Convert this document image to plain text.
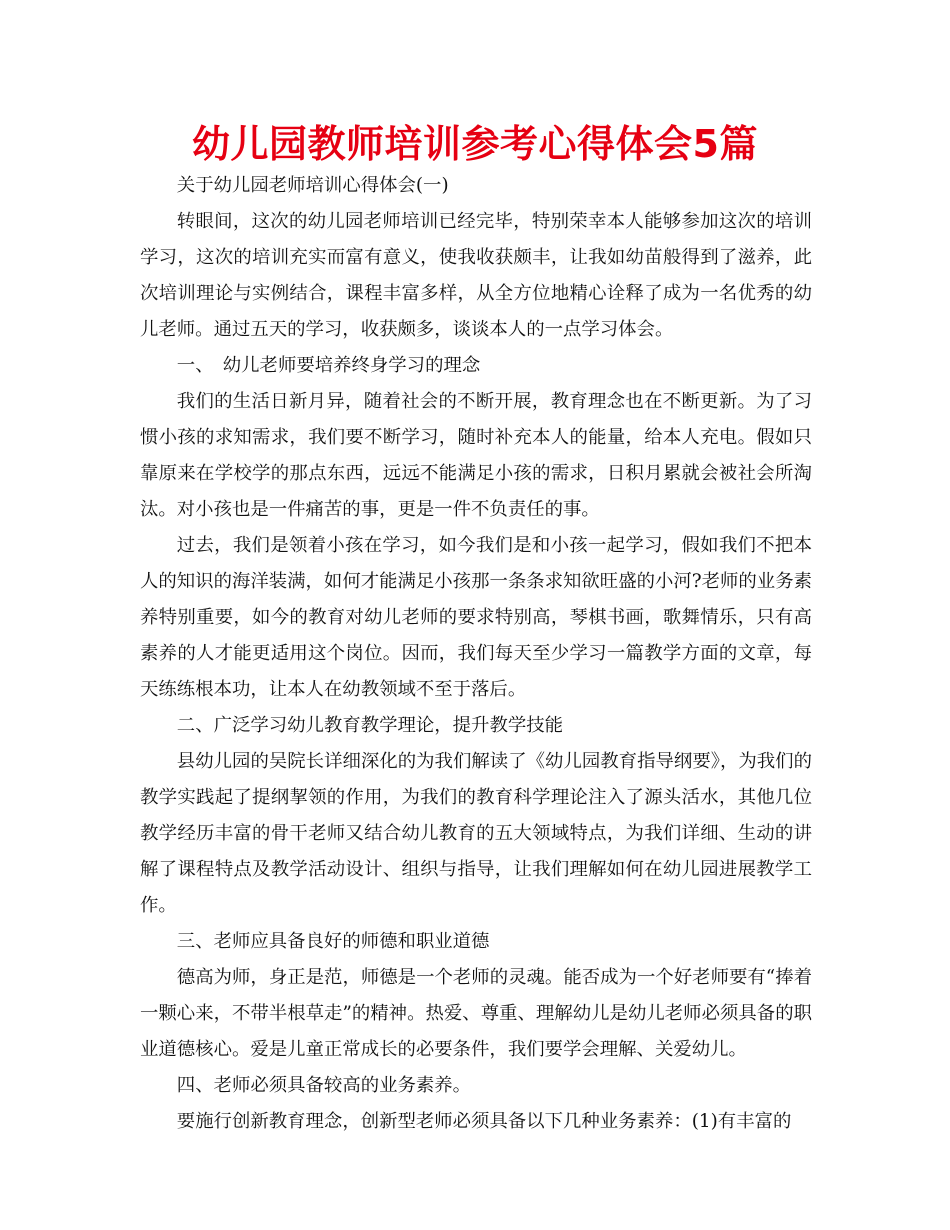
幼儿园教师培训参考心得体会5篇

关于幼儿园老师培训心得体会(一)

转眼间，这次的幼儿园老师培训已经完毕，特别荣幸本人能够参加这次的培训学习，这次的培训充实而富有意义，使我收获颇丰，让我如幼苗般得到了滋养，此次培训理论与实例结合，课程丰富多样，从全方位地精心诠释了成为一名优秀的幼儿老师。通过五天的学习，收获颇多，谈谈本人的一点学习体会。

一、　幼儿老师要培养终身学习的理念

我们的生活日新月异，随着社会的不断开展，教育理念也在不断更新。为了习惯小孩的求知需求，我们要不断学习，随时补充本人的能量，给本人充电。假如只靠原来在学校学的那点东西，远远不能满足小孩的需求，日积月累就会被社会所淘汰。对小孩也是一件痛苦的事，更是一件不负责任的事。

过去，我们是领着小孩在学习，如今我们是和小孩一起学习，假如我们不把本人的知识的海洋装满，如何才能满足小孩那一条条求知欲旺盛的小河?老师的业务素养特别重要，如今的教育对幼儿老师的要求特别高，琴棋书画，歌舞情乐，只有高素养的人才能更适用这个岗位。因而，我们每天至少学习一篇教学方面的文章，每天练练根本功，让本人在幼教领域不至于落后。

二、广泛学习幼儿教育教学理论，提升教学技能

县幼儿园的吴院长详细深化的为我们解读了《幼儿园教育指导纲要》，为我们的教学实践起了提纲挈领的作用，为我们的教育科学理论注入了源头活水，其他几位教学经历丰富的骨干老师又结合幼儿教育的五大领域特点，为我们详细、生动的讲解了课程特点及教学活动设计、组织与指导，让我们理解如何在幼儿园进展教学工作。

三、老师应具备良好的师德和职业道德

德高为师，身正是范，师德是一个老师的灵魂。能否成为一个好老师要有“捧着一颗心来，不带半根草走”的精神。热爱、尊重、理解幼儿是幼儿老师必须具备的职业道德核心。爱是儿童正常成长的必要条件，我们要学会理解、关爱幼儿。

四、老师必须具备较高的业务素养。

要施行创新教育理念，创新型老师必须具备以下几种业务素养：(1)有丰富的
